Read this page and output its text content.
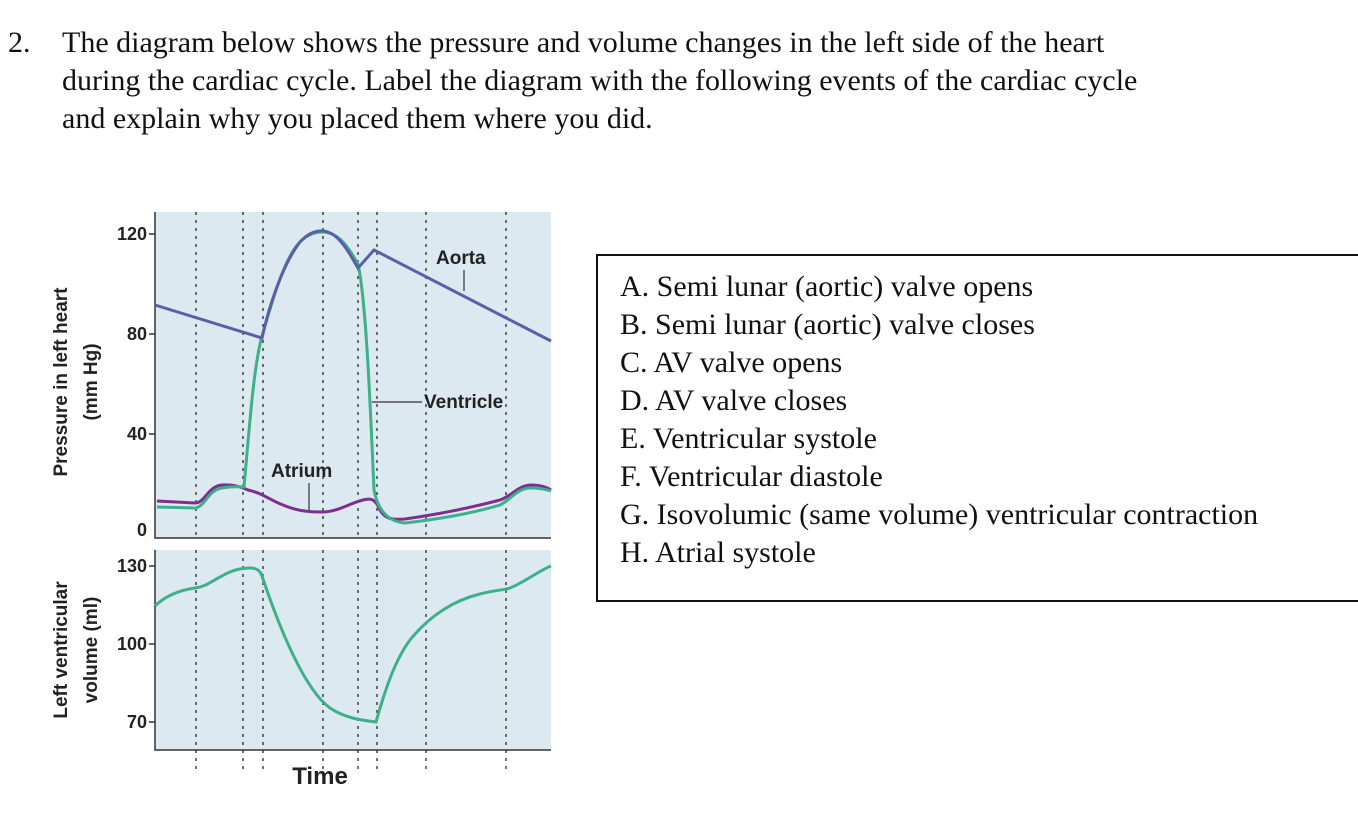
2. The diagram below shows the pressure and volume changes in the left side of the heart
during the cardiac cycle. Label the diagram with the following events of the cardiac cycle
and explain why you placed them where you did.
120
80
40
0
130
100
70
Pressure in left heart (mm Hg)
Left ventricular volume (ml)
Aorta
Ventricle
Atrium
Time
A. Semi lunar (aortic) valve opens
B. Semi lunar (aortic) valve closes
C. AV valve opens
D. AV valve closes
E. Ventricular systole
F. Ventricular diastole
G. Isovolumic (same volume) ventricular contraction
H. Atrial systole
